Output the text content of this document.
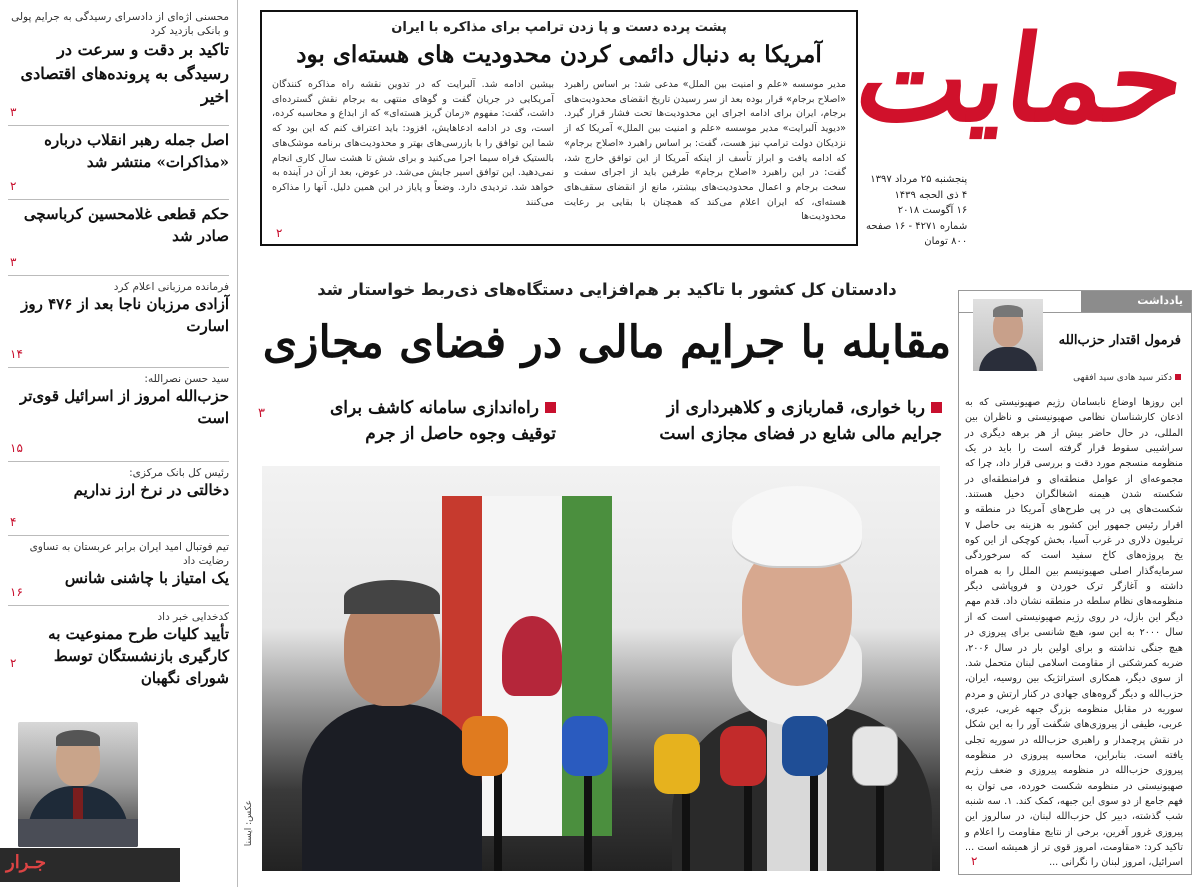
محسنی اژه‌ای از دادسرای رسیدگی به جرایم پولی و بانکی بازدید کرد
تاکید بر دقت و سرعت در رسیدگی به پرونده‌های اقتصادی اخیر
۳
اصل جمله رهبر انقلاب درباره «مذاکرات» منتشر شد
۲
حکم قطعی غلامحسین کرباسچی صادر شد
۳
فرمانده مرزبانی اعلام کرد
آزادی مرزبان ناجا بعد از ۴۷۶ روز اسارت
۱۴
سید حسن نصرالله:
حزب‌الله امروز از اسرائیل قوی‌تر است
۱۵
رئیس کل بانک مرکزی:
دخالتی در نرخ ارز نداریم
۴
تیم فوتبال امید ایران برابر عربستان به تساوی رضایت داد
یک امتیاز با چاشنی شانس
۱۶
کدخدایی خبر داد
تأیید کلیات طرح ممنوعیت به کارگیری بازنشستگان توسط شورای نگهبان
۲
جـرار
پشت پرده دست و پا زدن ترامپ برای مذاکره با ایران
آمریکا به دنبال دائمی کردن محدودیت های هسته‌ای بود

مدیر موسسه «علم و امنیت بین الملل» مدعی شد: بر اساس راهبرد «اصلاح برجام» قرار بوده بعد از سر رسیدن تاریخ انقضای محدودیت‌های برجام، ایران برای ادامه اجرای این محدودیت‌ها تحت فشار قرار گیرد. «دیوید آلبرایت» مدیر موسسه «علم و امنیت بین الملل» آمریکا که از نزدیکان دولت ترامپ نیز هست، گفت: بر اساس راهبرد «اصلاح برجام» که ادامه یافت و ابراز تأسف از اینکه آمریکا از این توافق خارج شد، گفت: در این راهبرد «اصلاح برجام» طرفین باید از اجرای سفت و سخت برجام و اعمال محدودیت‌های بیشتر، مانع از انقضای سقف‌های هسته‌ای، که ایران اعلام می‌کند که همچنان با بقایی بر رعایت محدودیت‌ها

بیشین ادامه شد. آلبرایت که در تدوین نقشه راه مذاکره کنندگان آمریکایی در جریان گفت و گوهای منتهی به برجام نقش گسترده‌ای داشت، گفت: مفهوم «زمان گریز هسته‌ای» که از ابداع و محاسبه کرده، است، وی در ادامه ادعاهایش، افزود: باید اعتراف کنم که این بود که شما این توافق را با بازرسی‌های بهتر و محدودیت‌های برنامه موشک‌های بالستیک فراه سیما اجرا می‌کنید و برای شش تا هشت سال کاری انجام نمی‌دهید. این توافق اسیر جایش می‌شد. در عوض، بعد از آن در آینده به خواهد شد. تردیدی دارد. وضعاً و پایاز در این همین دلیل. آنها را مذاکره می‌کنند

۲
حمایت
پنجشنبه ۲۵ مرداد ۱۳۹۷
۴ ذی الحجه ۱۴۳۹
۱۶ آگوست ۲۰۱۸
شماره ۴۲۷۱ - ۱۶ صفحه
۸۰۰ تومان
دادستان کل کشور با تاکید بر هم‌افزایی دستگاه‌های ذی‌ربط خواستار شد
مقابله با جرایم مالی در فضای مجازی
ربا خواری، قماربازی و کلاهبرداری از جرایم مالی شایع در فضای مجازی است
راه‌اندازی سامانه کاشف برای توقیف وجوه حاصل از جرم
۳
عکس: ایسنا
یادداشت
فرمول اقتدار حزب‌الله
دکتر سید هادی سید افقهی
این روزها اوضاع نابسامان رژیم صهیونیستی که به اذعان کارشناسان نظامی صهیونیستی و ناظران بین المللی، در حال حاضر بیش از هر برهه دیگری در سراشیبی سقوط قرار گرفته است را باید در یک منظومه منسجم مورد دقت و بررسی قرار داد، چرا که مجموعه‌ای از عوامل منطقه‌ای و فرامنطقه‌ای در شکسته شدن هیمنه اشغالگران دخیل هستند. شکست‌های پی در پی طرح‌های آمریکا در منطقه و اقرار رئیس جمهور این کشور به هزینه بی حاصل ۷ تریلیون دلاری در غرب آسیا، بخش کوچکی از این کوه یخ پروژه‌های کاخ سفید است که سرخوردگی سرمایه‌گذار اصلی صهیونیسم بین الملل را به همراه داشته و آغازگر ترک خوردن و فروپاشی دیگر منظومه‌های نظام سلطه در منطقه نشان داد. قدم مهم دیگر این بازل، در روی رژیم صهیونیستی است که از سال ۲۰۰۰ به این سو، هیچ شانسی برای پیروزی در هیچ جنگی نداشته و برای اولین بار در سال ۲۰۰۶، ضربه کمرشکنی از مقاومت اسلامی لبنان متحمل شد. از سوی دیگر، همکاری استراتژیک بین روسیه، ایران، حزب‌الله و دیگر گروه‌های جهادی در کنار ارتش و مردم سوریه در مقابل منظومه بزرگ جبهه غربی، عبری، عربی، طیفی از پیروزی‌های شگفت آور را به این شکل در نقش پرچمدار و راهبری حزب‌الله در سوریه تجلی یافته است. بنابراین، محاسبه پیروزی در منظومه پیروزی حزب‌الله در منظومه پیروزی و ضعف رژیم صهیونیستی در منظومه شکست خورده، می توان به فهم جامع از دو سوی این جبهه، کمک کند. ۱. سه شنبه شب گذشته، دبیر کل حزب‌الله لبنان، در سالروز این پیروزی غرور آفرین، برخی از نتایج مقاومت را اعلام و تاکید کرد: «مقاومت، امروز قوی تر از همیشه است ... اسرائیل، امروز لبنان را نگرانی ...
۲
